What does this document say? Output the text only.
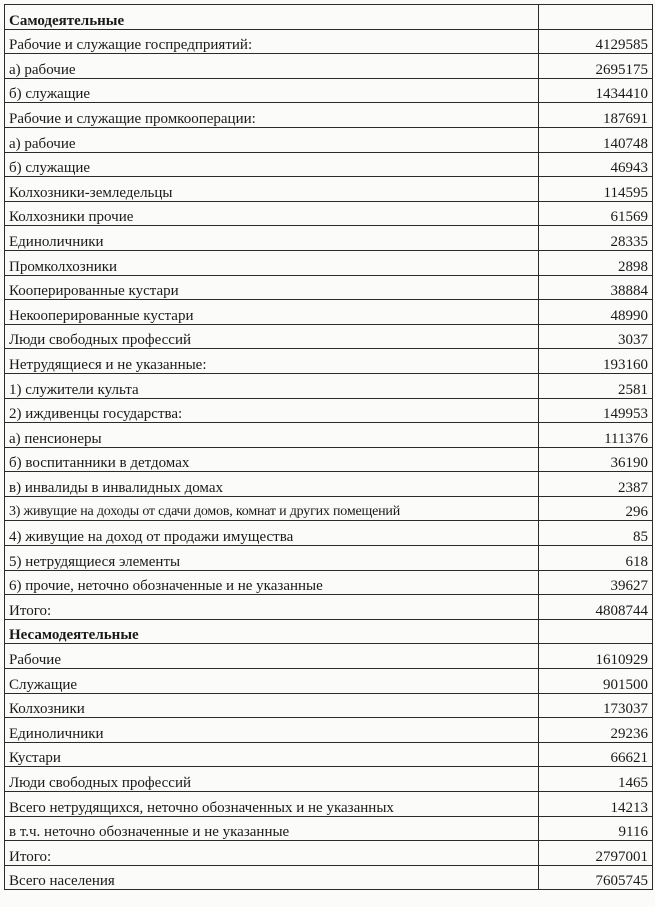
Самодеятельные	
Рабочие и служащие госпредприятий:	4129585
а) рабочие	2695175
б) служащие	1434410
Рабочие и служащие промкооперации:	187691
а) рабочие	140748
б) служащие	46943
Колхозники-земледельцы	114595
Колхозники прочие	61569
Единоличники	28335
Промколхозники	2898
Кооперированные кустари	38884
Некооперированные кустари	48990
Люди свободных профессий	3037
Нетрудящиеся и не указанные:	193160
1) служители культа	2581
2) иждивенцы государства:	149953
а) пенсионеры	111376
б) воспитанники в детдомах	36190
в) инвалиды в инвалидных домах	2387
3) живущие на доходы от сдачи домов, комнат и других помещений	296
4) живущие на доход от продажи имущества	85
5) нетрудящиеся элементы	618
6) прочие, неточно обозначенные и не указанные	39627
Итого:	4808744
Несамодеятельные	
Рабочие	1610929
Служащие	901500
Колхозники	173037
Единоличники	29236
Кустари	66621
Люди свободных профессий	1465
Всего нетрудящихся, неточно обозначенных и не указанных	14213
в т.ч. неточно обозначенные и не указанные	9116
Итого:	2797001
Всего населения	7605745
